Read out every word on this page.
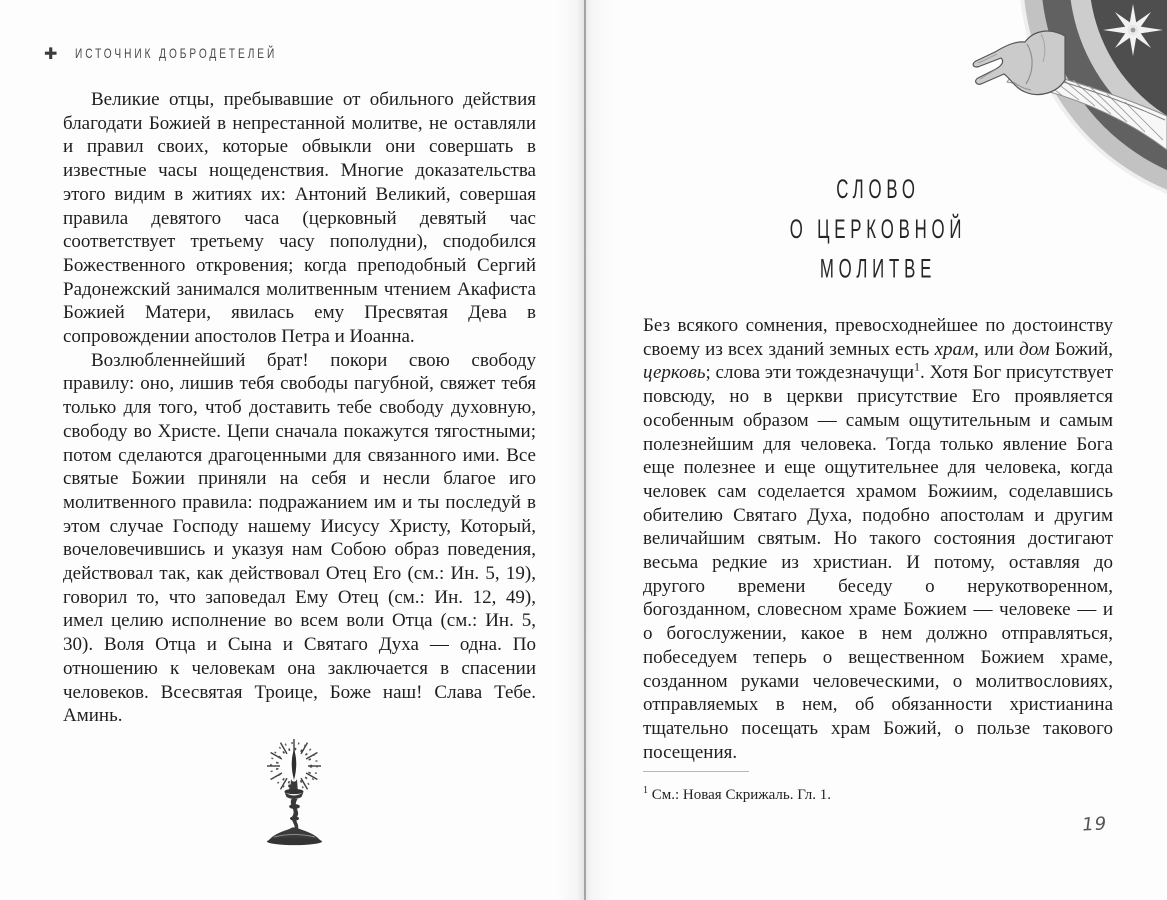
✚ ИСТОЧНИК ДОБРОДЕТЕЛЕЙ

Великие отцы, пребывавшие от обильного действия благодати Божией в непрестанной молитве, не оставляли и правил своих, которые обвыкли они совершать в известные часы нощеденствия. Многие доказательства этого видим в житиях их: Антоний Великий, совершая правила девятого часа (церковный девятый час соответствует третьему часу пополудни), сподобился Божественного откровения; когда преподобный Сергий Радонежский занимался молитвенным чтением Акафиста Божией Матери, явилась ему Пресвятая Дева в сопровождении апостолов Петра и Иоанна.

Возлюбленнейший брат! покори свою свободу правилу: оно, лишив тебя свободы пагубной, свяжет тебя только для того, чтоб доставить тебе свободу духовную, свободу во Христе. Цепи сначала покажутся тягостными; потом сделаются драгоценными для связанного ими. Все святые Божии приняли на себя и несли благое иго молитвенного правила: подражанием им и ты последуй в этом случае Господу нашему Иисусу Христу, Который, вочеловечившись и указуя нам Собою образ поведения, действовал так, как действовал Отец Его (см.: Ин. 5, 19), говорил то, что заповедал Ему Отец (см.: Ин. 12, 49), имел целию исполнение во всем воли Отца (см.: Ин. 5, 30). Воля Отца и Сына и Святаго Духа — одна. По отношению к человекам она заключается в спасении человеков. Всесвятая Троице, Боже наш! Слава Тебе. Аминь.

СЛОВО
О ЦЕРКОВНОЙ
МОЛИТВЕ
Без всякого сомнения, превосходнейшее по достоинству своему из всех зданий земных есть храм, или дом Божий, церковь; слова эти тождезначущи$^1$. Хотя Бог присутствует повсюду, но в церкви присутствие Его проявляется особенным образом — самым ощутительным и самым полезнейшим для человека. Тогда только явление Бога еще полезнее и еще ощутительнее для человека, когда человек сам соделается храмом Божиим, соделавшись обителию Святаго Духа, подобно апостолам и другим величайшим святым. Но такого состояния достигают весьма редкие из христиан. И потому, оставляя до другого времени беседу о нерукотворенном, богозданном, словесном храме Божием — человеке — и о богослужении, какое в нем должно отправляться, побеседуем теперь о вещественном Божием храме, созданном руками человеческими, о молитвословиях, отправляемых в нем, об обязанности христианина тщательно посещать храм Божий, о пользе такового посещения.
$^1$ См.: Новая Скрижаль. Гл. 1.
19
